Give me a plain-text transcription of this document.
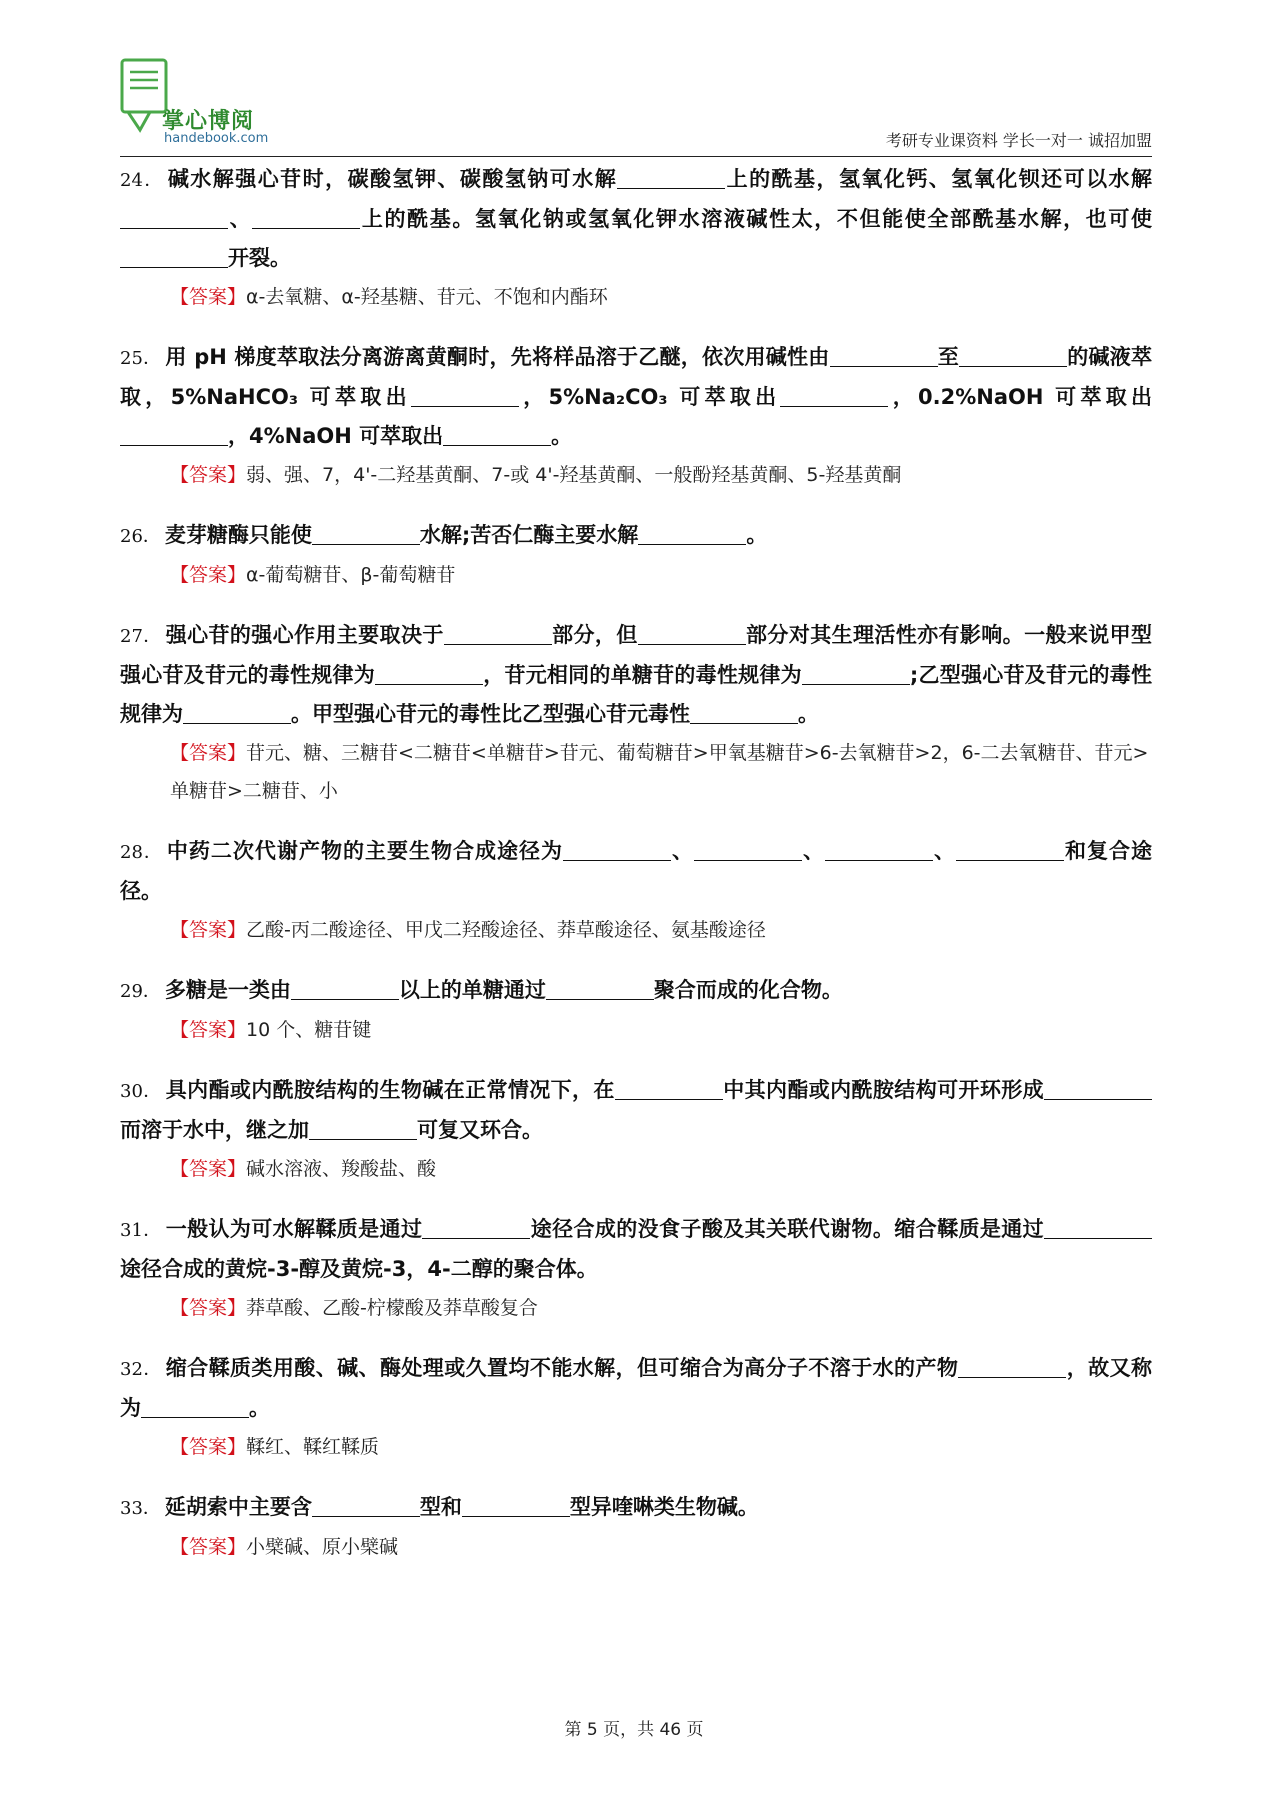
掌心博阅
handebook.com	考研专业课资料 学长一对一 诚招加盟
24． 碱水解强心苷时，碳酸氢钾、碳酸氢钠可水解	上的酰基，氢氧化钙、氢氧化钡还可以水解、	上的酰基。氢氧化钠或氢氧化钾水溶液碱性太，不但能使全部酰基水解，也可使开裂。
【答案】α-去氧糖、α-羟基糖、苷元、不饱和内酯环
25． 用 pH 梯度萃取法分离游离黄酮时，先将样品溶于乙醚，依次用碱性由	至	的碱液萃取，5%NaHCO₃ 可萃取出	，5%Na₂CO₃ 可萃取出	，0.2%NaOH 可萃取出，4%NaOH 可萃取出	。
【答案】弱、强、7，4'-二羟基黄酮、7-或 4'-羟基黄酮、一般酚羟基黄酮、5-羟基黄酮
26． 麦芽糖酶只能使	水解;苦否仁酶主要水解	。
【答案】α-葡萄糖苷、β-葡萄糖苷
27． 强心苷的强心作用主要取决于	部分，但	部分对其生理活性亦有影响。一般来说甲型强心苷及苷元的毒性规律为	，苷元相同的单糖苷的毒性规律为	;乙型强心苷及苷元的毒性规律为	。甲型强心苷元的毒性比乙型强心苷元毒性	。
【答案】苷元、糖、三糖苷<二糖苷<单糖苷>苷元、葡萄糖苷>甲氧基糖苷>6-去氧糖苷>2，6-二去氧糖苷、苷元>单糖苷>二糖苷、小
28． 中药二次代谢产物的主要生物合成途径为	、	、	、	和复合途径。
【答案】乙酸-丙二酸途径、甲戊二羟酸途径、莽草酸途径、氨基酸途径
29． 多糖是一类由	以上的单糖通过	聚合而成的化合物。
【答案】10 个、糖苷键
30． 具内酯或内酰胺结构的生物碱在正常情况下，在	中其内酯或内酰胺结构可开环形成而溶于水中，继之加	可复又环合。
【答案】碱水溶液、羧酸盐、酸
31． 一般认为可水解鞣质是通过	途径合成的没食子酸及其关联代谢物。缩合鞣质是通过途径合成的黄烷-3-醇及黄烷-3，4-二醇的聚合体。
【答案】莽草酸、乙酸-柠檬酸及莽草酸复合
32． 缩合鞣质类用酸、碱、酶处理或久置均不能水解，但可缩合为高分子不溶于水的产物	，故又称为	。
【答案】鞣红、鞣红鞣质
33． 延胡索中主要含	型和	型异喹啉类生物碱。
【答案】小檗碱、原小檗碱
第 5 页，共 46 页
